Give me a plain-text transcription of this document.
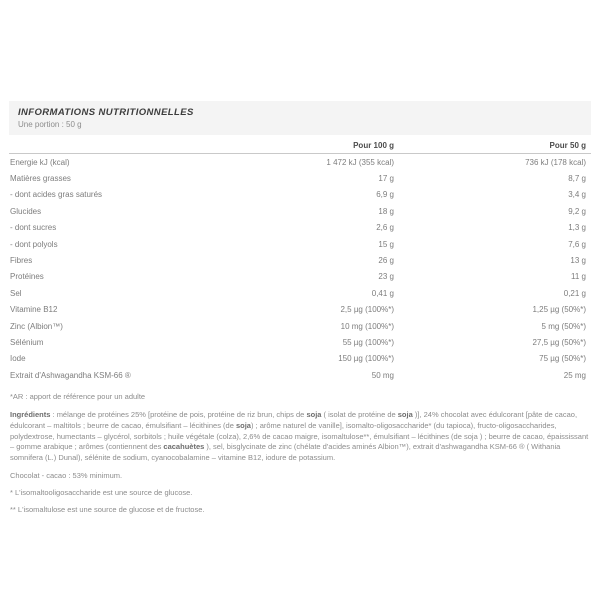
INFORMATIONS NUTRITIONNELLES
Une portion : 50 g
Pour 100 g	Pour 50 g
Energie kJ (kcal)	1 472 kJ (355 kcal)	736 kJ (178 kcal)
Matières grasses	17 g	8,7 g
- dont acides gras saturés	6,9 g	3,4 g
Glucides	18 g	9,2 g
- dont sucres	2,6 g	1,3 g
- dont polyols	15 g	7,6 g
Fibres	26 g	13 g
Protéines	23 g	11 g
Sel	0,41 g	0,21 g
Vitamine B12	2,5 µg (100%*)	1,25 µg (50%*)
Zinc (Albion™)	10 mg (100%*)	5 mg (50%*)
Sélénium	55 µg (100%*)	27,5 µg (50%*)
Iode	150 µg (100%*)	75 µg (50%*)
Extrait d'Ashwagandha KSM-66 ®	50 mg	25 mg
*AR : apport de référence pour un adulte
Ingrédients : mélange de protéines 25% [protéine de pois, protéine de riz brun, chips de soja ( isolat de protéine de soja )], 24% chocolat avec édulcorant [pâte de cacao, édulcorant – maltitols ; beurre de cacao, émulsifiant – lécithines (de soja) ; arôme naturel de vanille], isomalto-oligosaccharide* (du tapioca), fructo-oligosaccharides, polydextrose, humectants – glycérol, sorbitols ; huile végétale (colza), 2,6% de cacao maigre, isomaltulose**, émulsifiant – lécithines (de soja ) ; beurre de cacao, épaississant – gomme arabique ; arômes (contiennent des cacahuètes ), sel, bisglycinate de zinc (chélate d'acides aminés Albion™), extrait d'ashwagandha KSM-66 ® ( Withania somnifera (L.) Dunal), sélénite de sodium, cyanocobalamine – vitamine B12, iodure de potassium.
Chocolat - cacao : 53% minimum.
* L'isomaltooligosaccharide est une source de glucose.
** L'isomaltulose est une source de glucose et de fructose.
